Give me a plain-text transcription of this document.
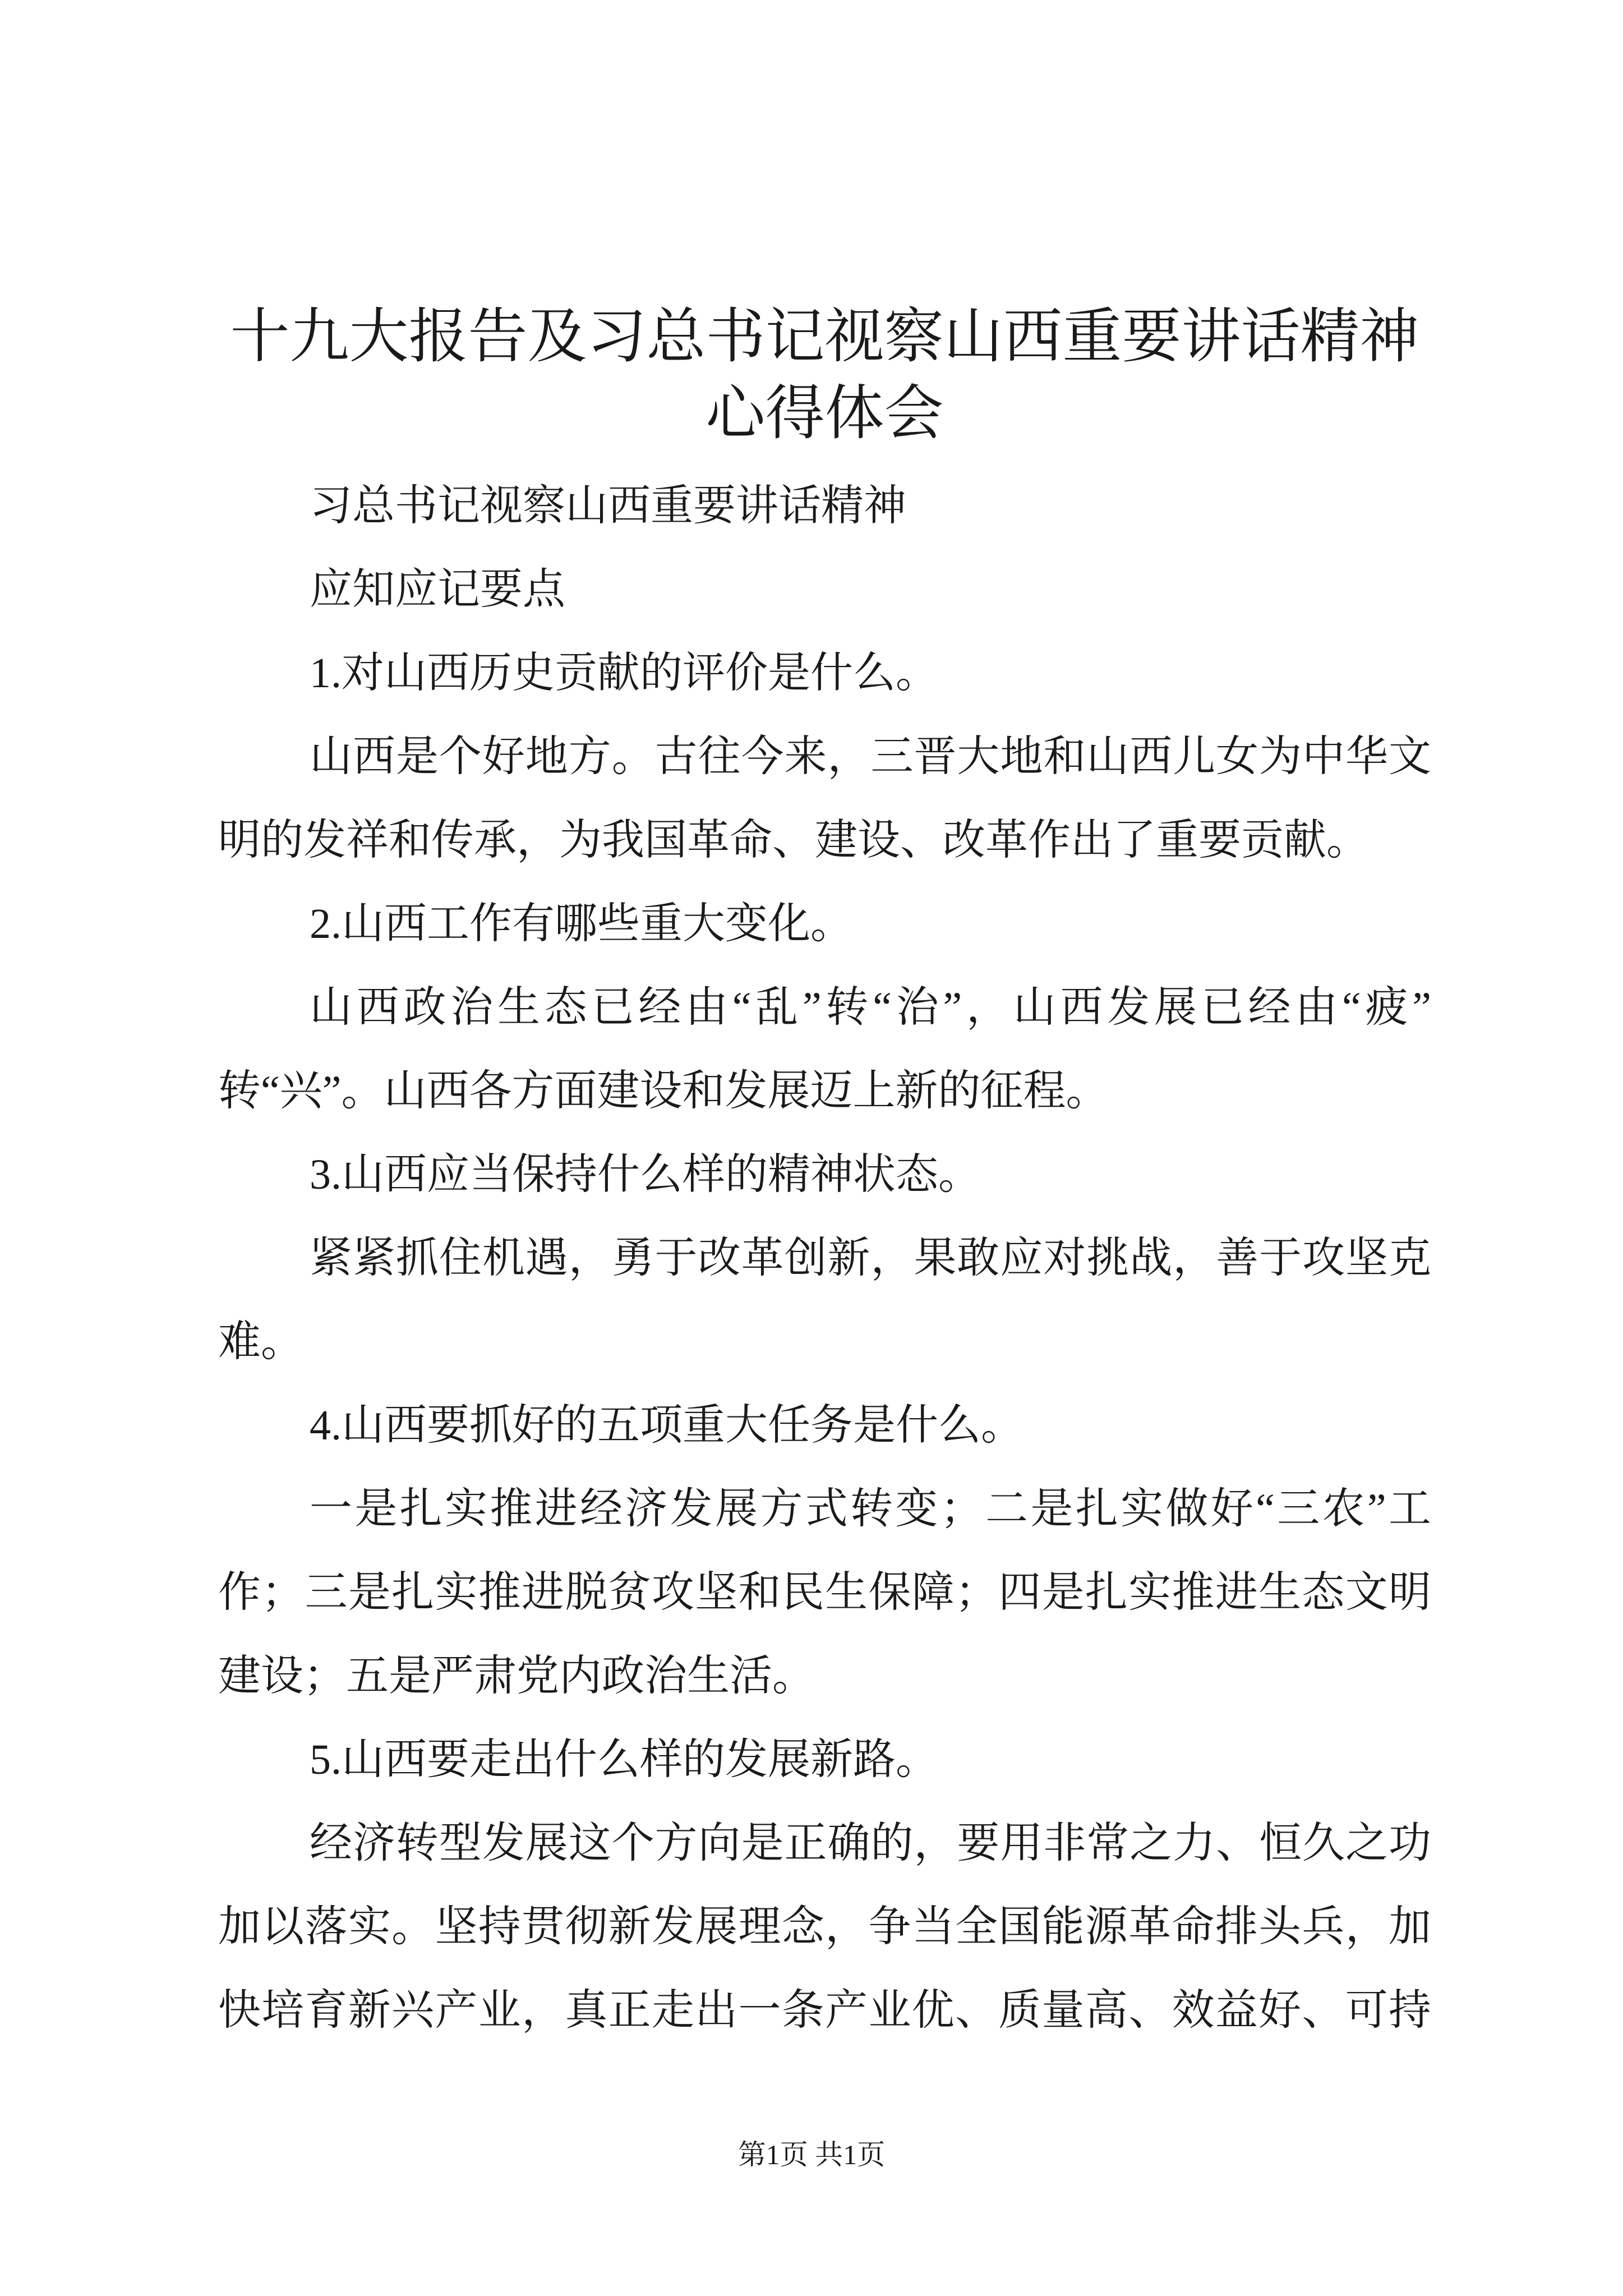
十九大报告及习总书记视察山西重要讲话精神
心得体会
习总书记视察山西重要讲话精神
应知应记要点
1.对山西历史贡献的评价是什么。
山西是个好地方。古往今来，三晋大地和山西儿女为中华文
明的发祥和传承，为我国革命、建设、改革作出了重要贡献。
2.山西工作有哪些重大变化。
山西政治生态已经由“乱”转“治”，山西发展已经由“疲”
转“兴”。山西各方面建设和发展迈上新的征程。
3.山西应当保持什么样的精神状态。
紧紧抓住机遇，勇于改革创新，果敢应对挑战，善于攻坚克
难。
4.山西要抓好的五项重大任务是什么。
一是扎实推进经济发展方式转变；二是扎实做好“三农”工
作；三是扎实推进脱贫攻坚和民生保障；四是扎实推进生态文明
建设；五是严肃党内政治生活。
5.山西要走出什么样的发展新路。
经济转型发展这个方向是正确的，要用非常之力、恒久之功
加以落实。坚持贯彻新发展理念，争当全国能源革命排头兵，加
快培育新兴产业，真正走出一条产业优、质量高、效益好、可持
第1页 共1页
